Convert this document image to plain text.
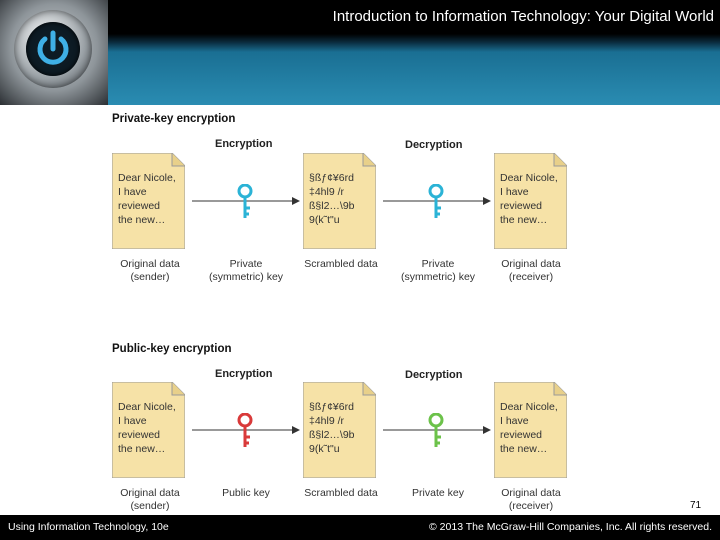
Introduction to Information Technology: Your Digital World
Private-key encryption
Encryption	Decryption
Dear Nicole,
I have
reviewed
the new…
§ßƒ¢¥6rd
‡4hl9 /r
ß§l2…\9b
9(k˜t"u
Dear Nicole,
I have
reviewed
the new…
Original data
(sender)
Private
(symmetric) key
Scrambled data	Private
(symmetric) key
Original data
(receiver)
Public-key encryption
Encryption	Decryption
Dear Nicole,
I have
reviewed
the new…
§ßƒ¢¥6rd
‡4hl9 /r
ß§l2…\9b
9(k˜t"u
Dear Nicole,
I have
reviewed
the new…
Original data
(sender)
Public key	Scrambled data	Private key	Original data
(receiver)	71
Using Information Technology, 10e	© 2013 The McGraw-Hill Companies, Inc. All rights reserved.
